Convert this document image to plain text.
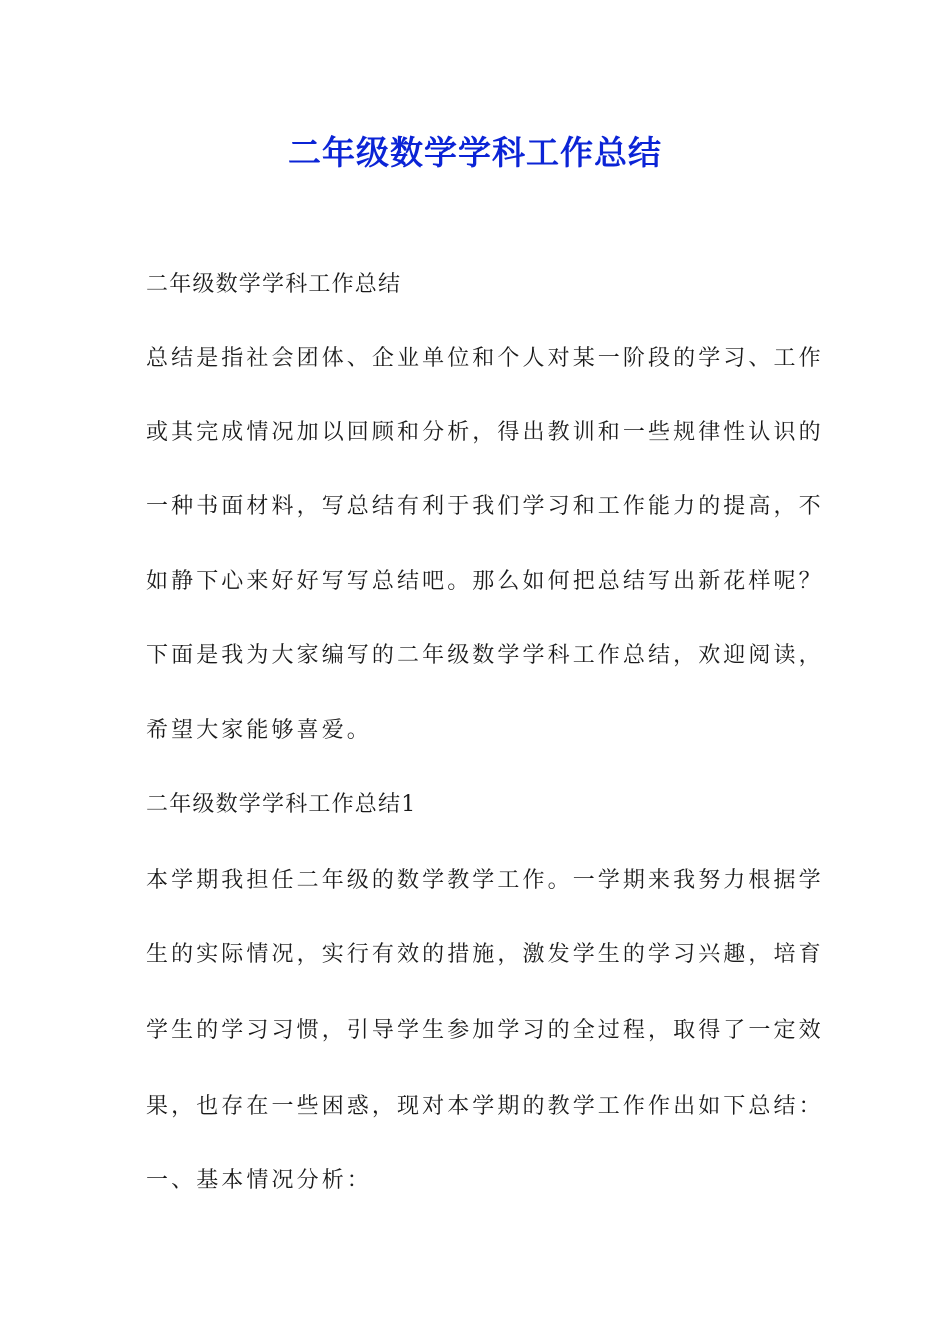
二年级数学学科工作总结
二年级数学学科工作总结
总结是指社会团体、企业单位和个人对某一阶段的学习、工作
或其完成情况加以回顾和分析，得出教训和一些规律性认识的
一种书面材料，写总结有利于我们学习和工作能力的提高，不
如静下心来好好写写总结吧。那么如何把总结写出新花样呢？
下面是我为大家编写的二年级数学学科工作总结，欢迎阅读，
希望大家能够喜爱。
二年级数学学科工作总结1
本学期我担任二年级的数学教学工作。一学期来我努力根据学
生的实际情况，实行有效的措施，激发学生的学习兴趣，培育
学生的学习习惯，引导学生参加学习的全过程，取得了一定效
果，也存在一些困惑，现对本学期的教学工作作出如下总结：
一、基本情况分析：
